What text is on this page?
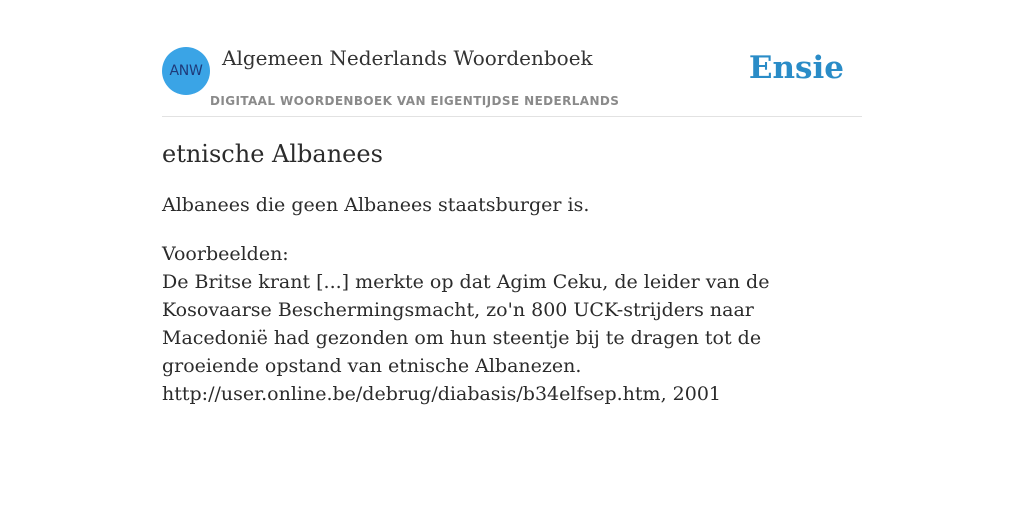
ANW
Algemeen Nederlands Woordenboek
DIGITAAL WOORDENBOEK VAN EIGENTIJDSE NEDERLANDS
Ensie
etnische Albanees

Albanees die geen Albanees staatsburger is.

Voorbeelden:

De Britse krant [...] merkte op dat Agim Ceku, de leider van de Kosovaarse Beschermingsmacht, zo'n 800 UCK-strijders naar Macedonië had gezonden om hun steentje bij te dragen tot de groeiende opstand van etnische Albanezen.

http://user.online.be/debrug/diabasis/b34elfsep.htm, 2001
